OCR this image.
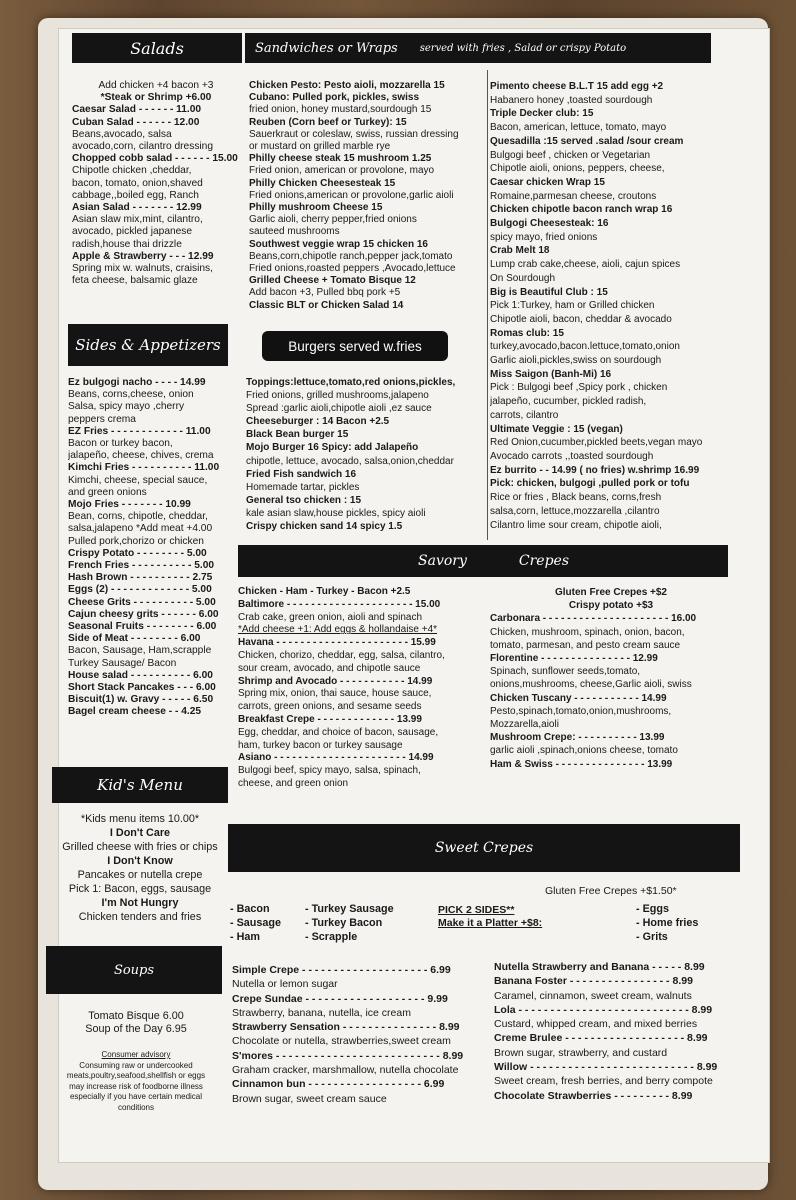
Salads
Add chicken +4 bacon +3
*Steak or Shrimp +6.00
Caesar Salad - - - - - - 11.00
Cuban Salad - - - - - - 12.00
Beans,avocado, salsa
avocado,corn, cilantro dressing
Chopped cobb salad - - - - - - 15.00
Chipotle chicken ,cheddar,
bacon, tomato, onion,shaved
cabbage,,boiled egg, Ranch
Asian Salad - - - - - - - 12.99
Asian slaw mix,mint, cilantro,
avocado, pickled japanese
radish,house thai drizzle
Apple & Strawberry - - - 12.99
Spring mix w. walnuts, craisins,
feta cheese, balsamic glaze
Sides & Appetizers
Ez bulgogi nacho - - - - 14.99
Beans, corns,cheese, onion
Salsa, spicy mayo ,cherry
peppers crema
EZ Fries - - - - - - - - - - - - 11.00
Bacon or turkey bacon,
jalapeño, cheese, chives, crema
Kimchi Fries - - - - - - - - - - 11.00
Kimchi, cheese, special sauce,
and green onions
Mojo Fries - - - - - - - 10.99
Bean, corns, chipotle, cheddar,
salsa,jalapeno *Add meat +4.00
Pulled pork,chorizo or chicken
Crispy Potato - - - - - - - - 5.00
French Fries - - - - - - - - - - 5.00
Hash Brown - - - - - - - - - - 2.75
Eggs (2) - - - - - - - - - - - - - 5.00
Cheese Grits - - - - - - - - - - 5.00
Cajun cheesy grits - - - - - - 6.00
Seasonal Fruits - - - - - - - - 6.00
Side of Meat - - - - - - - - 6.00
Bacon, Sausage, Ham,scrapple
Turkey Sausage/ Bacon
House salad - - - - - - - - - - 6.00
Short Stack Pancakes - - - 6.00
Biscuit(1) w. Gravy - - - - - 6.50
Bagel cream cheese - - 4.25
Kid's Menu
*Kids menu items 10.00*
I Don't Care
Grilled cheese with fries or chips
I Don't Know
Pancakes or nutella crepe
Pick 1: Bacon, eggs, sausage
I'm Not Hungry
Chicken tenders and fries
Soups
Tomato Bisque 6.00
Soup of the Day 6.95
Consumer advisory
Consuming raw or undercooked
meats,poultry,seafood,shellfish or eggs
may increase risk of foodborne illness
especially if you have certain medical
conditions
Sandwiches or Wraps served with fries , Salad or crispy Potato
Chicken Pesto: Pesto aioli, mozzarella 15
Cubano: Pulled pork, pickles, swiss
fried onion, honey mustard,sourdough 15
Reuben (Corn beef or Turkey): 15
Sauerkraut or coleslaw, swiss, russian dressing
or mustard on grilled marble rye
Philly cheese steak 15 mushroom 1.25
Fried onion, american or provolone, mayo
Philly Chicken Cheesesteak 15
Fried onions,american or provolone,garlic aioli
Philly mushroom Cheese 15
Garlic aioli, cherry pepper,fried onions
sauteed mushrooms
Southwest veggie wrap 15 chicken 16
Beans,corn,chipotle ranch,pepper jack,tomato
Fried onions,roasted peppers ,Avocado,lettuce
Grilled Cheese + Tomato Bisque 12
Add bacon +3, Pulled bbq pork +5
Classic BLT or Chicken Salad 14
Pimento cheese B.L.T 15 add egg +2
Habanero honey ,toasted sourdough
Triple Decker club: 15
Bacon, american, lettuce, tomato, mayo
Quesadilla :15 served .salad /sour cream
Bulgogi beef , chicken or Vegetarian
Chipotle aioli, onions, peppers, cheese,
Caesar chicken Wrap 15
Romaine,parmesan cheese, croutons
Chicken chipotle bacon ranch wrap 16
Bulgogi Cheesesteak: 16
spicy mayo, fried onions
Crab Melt 18
Lump crab cake,cheese, aioli, cajun spices
On Sourdough
Big is Beautiful Club : 15
Pick 1:Turkey, ham or Grilled chicken
Chipotle aioli, bacon, cheddar & avocado
Romas club: 15
turkey,avocado,bacon.lettuce,tomato,onion
Garlic aioli,pickles,swiss on sourdough
Miss Saigon (Banh-Mi) 16
Pick : Bulgogi beef ,Spicy pork , chicken
jalapeño, cucumber, pickled radish,
carrots, cilantro
Ultimate Veggie : 15 (vegan)
Red Onion,cucumber,pickled beets,vegan mayo
Avocado carrots ,,toasted sourdough
Ez burrito - - 14.99 ( no fries) w.shrimp 16.99
Pick: chicken, bulgogi ,pulled pork or tofu
Rice or fries , Black beans, corns,fresh
salsa,corn, lettuce,mozzarella ,cilantro
Cilantro lime sour cream, chipotle aioli,
Burgers served w.fries
Toppings:lettuce,tomato,red onions,pickles,
Fried onions, grilled mushrooms,jalapeno
Spread :garlic aioli,chipotle aioli ,ez sauce
Cheeseburger : 14 Bacon +2.5
Black Bean burger 15
Mojo Burger 16 Spicy: add Jalapeño
chipotle, lettuce, avocado, salsa,onion,cheddar
Fried Fish sandwich 16
Homemade tartar, pickles
General tso chicken : 15
kale asian slaw,house pickles, spicy aioli
Crispy chicken sand 14 spicy 1.5
Savory	Crepes
Chicken - Ham - Turkey - Bacon +2.5
Baltimore - - - - - - - - - - - - - - - - - - - - - 15.00
Crab cake, green onion, aioli and spinach
*Add cheese +1: Add eggs & hollandaise +4*
Havana - - - - - - - - - - - - - - - - - - - - - - 15.99
Chicken, chorizo, cheddar, egg, salsa, cilantro,
sour cream, avocado, and chipotle sauce
Shrimp and Avocado - - - - - - - - - - - 14.99
Spring mix, onion, thai sauce, house sauce,
carrots, green onions, and sesame seeds
Breakfast Crepe - - - - - - - - - - - - - 13.99
Egg, cheddar, and choice of bacon, sausage,
ham, turkey bacon or turkey sausage
Asiano - - - - - - - - - - - - - - - - - - - - - - 14.99
Bulgogi beef, spicy mayo, salsa, spinach,
cheese, and green onion
Gluten Free Crepes +$2
Crispy potato +$3
Carbonara - - - - - - - - - - - - - - - - - - - - - 16.00
Chicken, mushroom, spinach, onion, bacon,
tomato, parmesan, and pesto cream sauce
Florentine - - - - - - - - - - - - - - - 12.99
Spinach, sunflower seeds,tomato,
onions,mushrooms, cheese,Garlic aioli, swiss
Chicken Tuscany - - - - - - - - - - - 14.99
Pesto,spinach,tomato,onion,mushrooms,
Mozzarella,aioli
Mushroom Crepe: - - - - - - - - - - 13.99
garlic aioli ,spinach,onions cheese, tomato
Ham & Swiss - - - - - - - - - - - - - - - 13.99
Sweet Crepes
Gluten Free Crepes +$1.50*
- Bacon
- Sausage
- Ham
- Turkey Sausage
- Turkey Bacon
- Scrapple
PICK 2 SIDES**
Make it a Platter +$8:
- Eggs
- Home fries
- Grits
Simple Crepe - - - - - - - - - - - - - - - - - - - - 6.99
Nutella or lemon sugar
Crepe Sundae - - - - - - - - - - - - - - - - - - - 9.99
Strawberry, banana, nutella, ice cream
Strawberry Sensation - - - - - - - - - - - - - - - 8.99
Chocolate or nutella, strawberries,sweet cream
S'mores - - - - - - - - - - - - - - - - - - - - - - - - - - 8.99
Graham cracker, marshmallow, nutella chocolate
Cinnamon bun - - - - - - - - - - - - - - - - - - 6.99
Brown sugar, sweet cream sauce
Nutella Strawberry and Banana - - - - - 8.99
Banana Foster - - - - - - - - - - - - - - - - 8.99
Caramel, cinnamon, sweet cream, walnuts
Lola - - - - - - - - - - - - - - - - - - - - - - - - - - - 8.99
Custard, whipped cream, and mixed berries
Creme Brulee - - - - - - - - - - - - - - - - - - - 8.99
Brown sugar, strawberry, and custard
Willow - - - - - - - - - - - - - - - - - - - - - - - - - - 8.99
Sweet cream, fresh berries, and berry compote
Chocolate Strawberries - - - - - - - - - 8.99
